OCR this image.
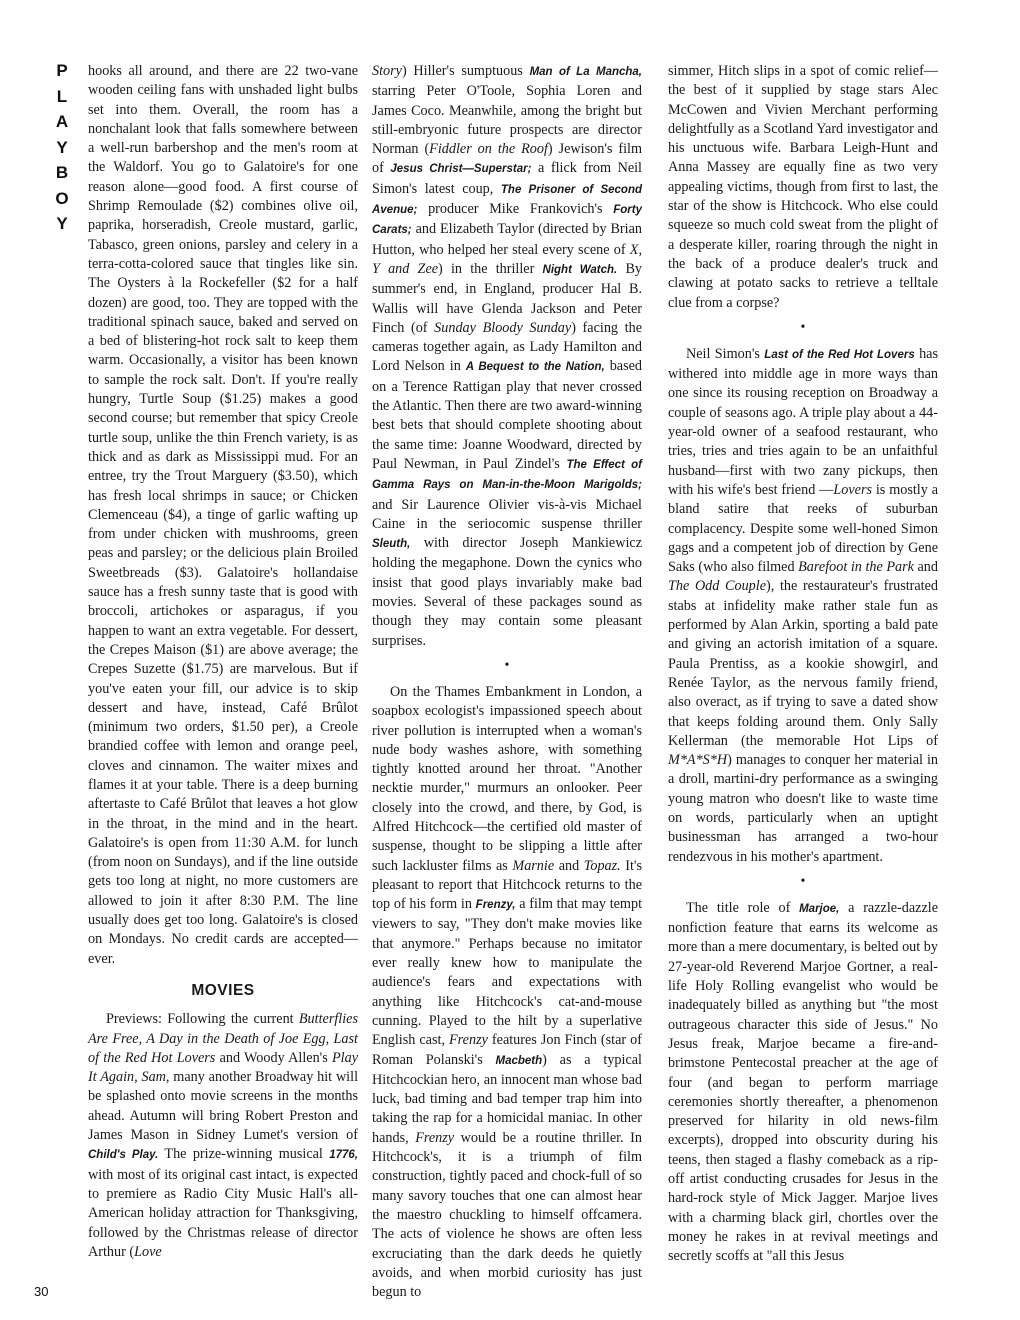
P
L
A
Y
B
O
Y
30

hooks all around, and there are 22 two-vane wooden ceiling fans with unshaded light bulbs set into them. Overall, the room has a nonchalant look that falls somewhere between a well-run barbershop and the men's room at the Waldorf. You go to Galatoire's for one reason alone—good food. A first course of Shrimp Remoulade ($2) combines olive oil, paprika, horseradish, Creole mustard, garlic, Tabasco, green onions, parsley and celery in a terra-cotta-colored sauce that tingles like sin. The Oysters à la Rockefeller ($2 for a half dozen) are good, too. They are topped with the traditional spinach sauce, baked and served on a bed of blistering-hot rock salt to keep them warm. Occasionally, a visitor has been known to sample the rock salt. Don't. If you're really hungry, Turtle Soup ($1.25) makes a good second course; but remember that spicy Creole turtle soup, unlike the thin French variety, is as thick and as dark as Mississippi mud. For an entree, try the Trout Marguery ($3.50), which has fresh local shrimps in sauce; or Chicken Clemenceau ($4), a tinge of garlic wafting up from under chicken with mushrooms, green peas and parsley; or the delicious plain Broiled Sweetbreads ($3). Galatoire's hollandaise sauce has a fresh sunny taste that is good with broccoli, artichokes or asparagus, if you happen to want an extra vegetable. For dessert, the Crepes Maison ($1) are above average; the Crepes Suzette ($1.75) are marvelous. But if you've eaten your fill, our advice is to skip dessert and have, instead, Café Brûlot (minimum two orders, $1.50 per), a Creole brandied coffee with lemon and orange peel, cloves and cinnamon. The waiter mixes and flames it at your table. There is a deep burning aftertaste to Café Brûlot that leaves a hot glow in the throat, in the mind and in the heart. Galatoire's is open from 11:30 A.M. for lunch (from noon on Sundays), and if the line outside gets too long at night, no more customers are allowed to join it after 8:30 P.M. The line usually does get too long. Galatoire's is closed on Mondays. No credit cards are accepted—ever.

MOVIES

Previews: Following the current Butterflies Are Free, A Day in the Death of Joe Egg, Last of the Red Hot Lovers and Woody Allen's Play It Again, Sam, many another Broadway hit will be splashed onto movie screens in the months ahead. Autumn will bring Robert Preston and James Mason in Sidney Lumet's version of Child's Play. The prize-winning musical 1776, with most of its original cast intact, is expected to premiere as Radio City Music Hall's all-American holiday attraction for Thanksgiving, followed by the Christmas release of director Arthur (Love

Story) Hiller's sumptuous Man of La Mancha, starring Peter O'Toole, Sophia Loren and James Coco. Meanwhile, among the bright but still-embryonic future prospects are director Norman (Fiddler on the Roof) Jewison's film of Jesus Christ—Superstar; a flick from Neil Simon's latest coup, The Prisoner of Second Avenue; producer Mike Frankovich's Forty Carats; and Elizabeth Taylor (directed by Brian Hutton, who helped her steal every scene of X, Y and Zee) in the thriller Night Watch. By summer's end, in England, producer Hal B. Wallis will have Glenda Jackson and Peter Finch (of Sunday Bloody Sunday) facing the cameras together again, as Lady Hamilton and Lord Nelson in A Bequest to the Nation, based on a Terence Rattigan play that never crossed the Atlantic. Then there are two award-winning best bets that should complete shooting about the same time: Joanne Woodward, directed by Paul Newman, in Paul Zindel's The Effect of Gamma Rays on Man-in-the-Moon Marigolds; and Sir Laurence Olivier vis-à-vis Michael Caine in the seriocomic suspense thriller Sleuth, with director Joseph Mankiewicz holding the megaphone. Down the cynics who insist that good plays invariably make bad movies. Several of these packages sound as though they may contain some pleasant surprises.

•

On the Thames Embankment in London, a soapbox ecologist's impassioned speech about river pollution is interrupted when a woman's nude body washes ashore, with something tightly knotted around her throat. "Another necktie murder," murmurs an onlooker. Peer closely into the crowd, and there, by God, is Alfred Hitchcock—the certified old master of suspense, thought to be slipping a little after such lackluster films as Marnie and Topaz. It's pleasant to report that Hitchcock returns to the top of his form in Frenzy, a film that may tempt viewers to say, "They don't make movies like that anymore." Perhaps because no imitator ever really knew how to manipulate the audience's fears and expectations with anything like Hitchcock's cat-and-mouse cunning. Played to the hilt by a superlative English cast, Frenzy features Jon Finch (star of Roman Polanski's Macbeth) as a typical Hitchcockian hero, an innocent man whose bad luck, bad timing and bad temper trap him into taking the rap for a homicidal maniac. In other hands, Frenzy would be a routine thriller. In Hitchcock's, it is a triumph of film construction, tightly paced and chock-full of so many savory touches that one can almost hear the maestro chuckling to himself offcamera. The acts of violence he shows are often less excruciating than the dark deeds he quietly avoids, and when morbid curiosity has just begun to

simmer, Hitch slips in a spot of comic relief—the best of it supplied by stage stars Alec McCowen and Vivien Merchant performing delightfully as a Scotland Yard investigator and his unctuous wife. Barbara Leigh-Hunt and Anna Massey are equally fine as two very appealing victims, though from first to last, the star of the show is Hitchcock. Who else could squeeze so much cold sweat from the plight of a desperate killer, roaring through the night in the back of a produce dealer's truck and clawing at potato sacks to retrieve a telltale clue from a corpse?

•

Neil Simon's Last of the Red Hot Lovers has withered into middle age in more ways than one since its rousing reception on Broadway a couple of seasons ago. A triple play about a 44-year-old owner of a seafood restaurant, who tries, tries and tries again to be an unfaithful husband—first with two zany pickups, then with his wife's best friend —Lovers is mostly a bland satire that reeks of suburban complacency. Despite some well-honed Simon gags and a competent job of direction by Gene Saks (who also filmed Barefoot in the Park and The Odd Couple), the restaurateur's frustrated stabs at infidelity make rather stale fun as performed by Alan Arkin, sporting a bald pate and giving an actorish imitation of a square. Paula Prentiss, as a kookie showgirl, and Renée Taylor, as the nervous family friend, also overact, as if trying to save a dated show that keeps folding around them. Only Sally Kellerman (the memorable Hot Lips of M*A*S*H) manages to conquer her material in a droll, martini-dry performance as a swinging young matron who doesn't like to waste time on words, particularly when an uptight businessman has arranged a two-hour rendezvous in his mother's apartment.

•

The title role of Marjoe, a razzle-dazzle nonfiction feature that earns its welcome as more than a mere documentary, is belted out by 27-year-old Reverend Marjoe Gortner, a real-life Holy Rolling evangelist who would be inadequately billed as anything but "the most outrageous character this side of Jesus." No Jesus freak, Marjoe became a fire-and-brimstone Pentecostal preacher at the age of four (and began to perform marriage ceremonies shortly thereafter, a phenomenon preserved for hilarity in old news-film excerpts), dropped into obscurity during his teens, then staged a flashy comeback as a rip-off artist conducting crusades for Jesus in the hard-rock style of Mick Jagger. Marjoe lives with a charming black girl, chortles over the money he rakes in at revival meetings and secretly scoffs at "all this Jesus
